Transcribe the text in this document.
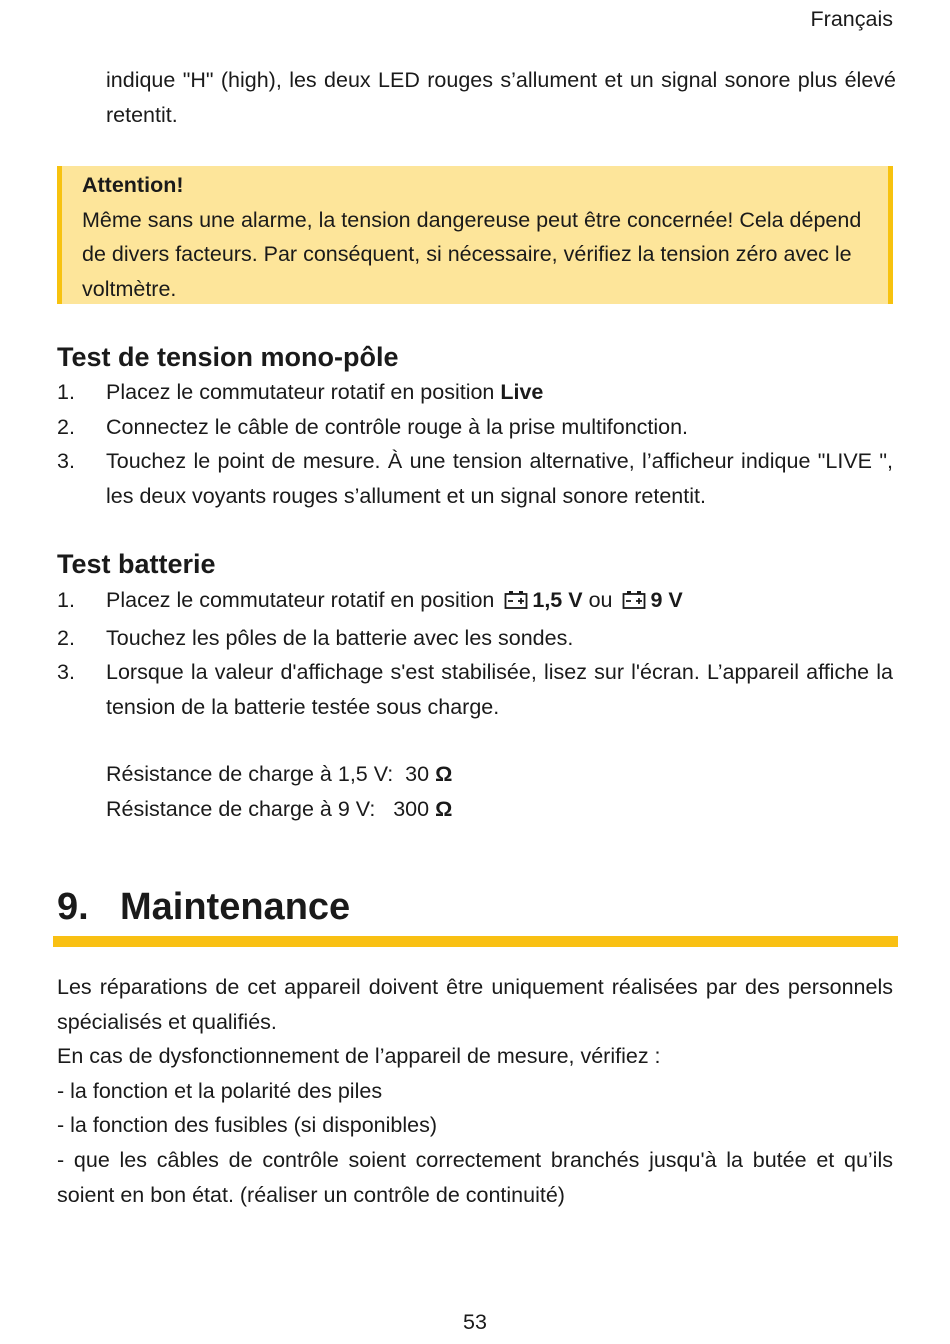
Français
indique "H" (high), les deux LED rouges s’allument et un signal sonore plus élevé retentit.
Attention!
Même sans une alarme, la tension dangereuse peut être concernée! Cela dépend de divers facteurs. Par conséquent, si nécessaire, vérifiez la tension zéro avec le voltmètre.
Test de tension mono-pôle
1. Placez le commutateur rotatif en position Live
2. Connectez le câble de contrôle rouge à la prise multifonction.
3. Touchez le point de mesure. À une tension alternative, l’afficheur indique "LIVE ", les deux voyants rouges s’allument et un signal sonore retentit.
Test batterie
1. Placez le commutateur rotatif en position 1,5 V ou 9 V
2. Touchez les pôles de la batterie avec les sondes.
3. Lorsque la valeur d'affichage s'est stabilisée, lisez sur l'écran. L’appareil affiche la tension de la batterie testée sous charge.
Résistance de charge à 1,5 V:  30 Ω
Résistance de charge à 9 V:   300 Ω
9. Maintenance

Les réparations de cet appareil doivent être uniquement réalisées par des personnels spécialisés et qualifiés.

En cas de dysfonctionnement de l’appareil de mesure, vérifiez :

- la fonction et la polarité des piles

- la fonction des fusibles (si disponibles)

- que les câbles de contrôle soient correctement branchés jusqu'à la butée et qu’ils soient en bon état. (réaliser un contrôle de continuité)

53
